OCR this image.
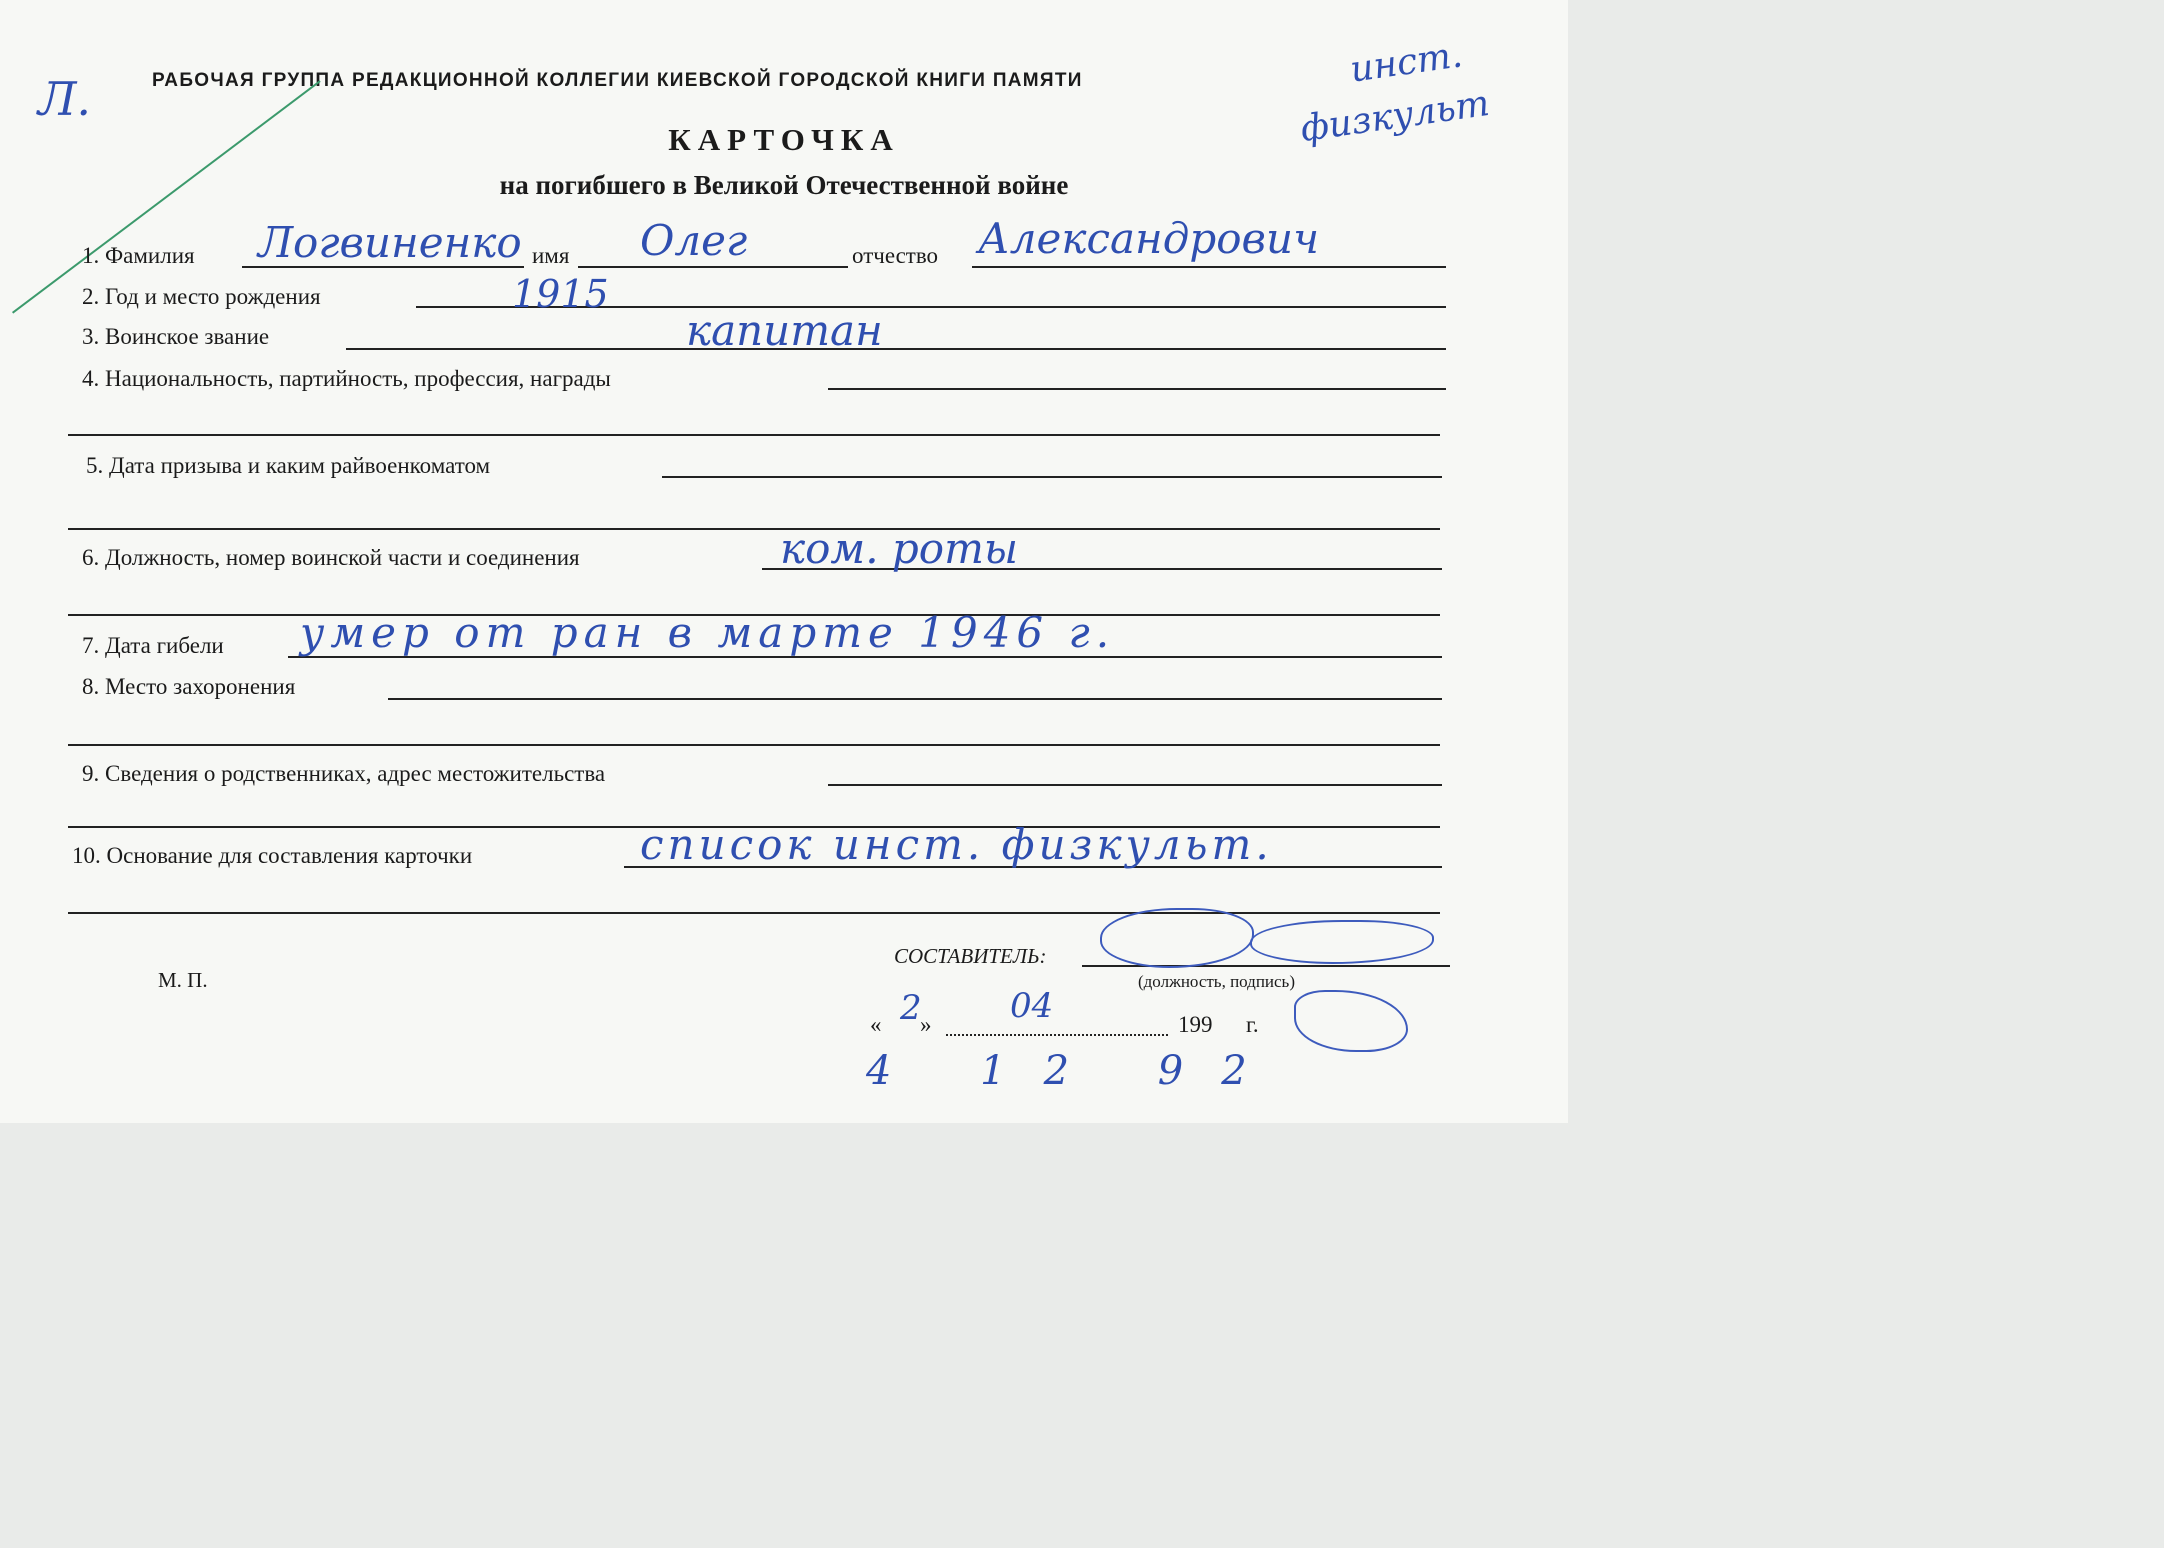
РАБОЧАЯ ГРУППА РЕДАКЦИОННОЙ КОЛЛЕГИИ КИЕВСКОЙ ГОРОДСКОЙ КНИГИ ПАМЯТИ
КАРТОЧКА
на погибшего в Великой Отечественной войне
Л.
инст.
физкульт
1. Фамилия Логвиненко имя Олег	отчество Александрович
2. Год и место рождения	1915
3. Воинское звание	капитан
4. Национальность, партийность, профессия, награды
5. Дата призыва и каким райвоенкоматом
6. Должность, номер воинской части и соединения	ком. роты
7. Дата гибели умер от ран в марте 1946 г.
8. Место захоронения
9. Сведения о родственниках, адрес местожительства
10. Основание для составления карточки	список инст. физкульт.
М. П.
СОСТАВИТЕЛЬ:
(должность, подпись)
« 2
» 04	199 г.
4 12 92
